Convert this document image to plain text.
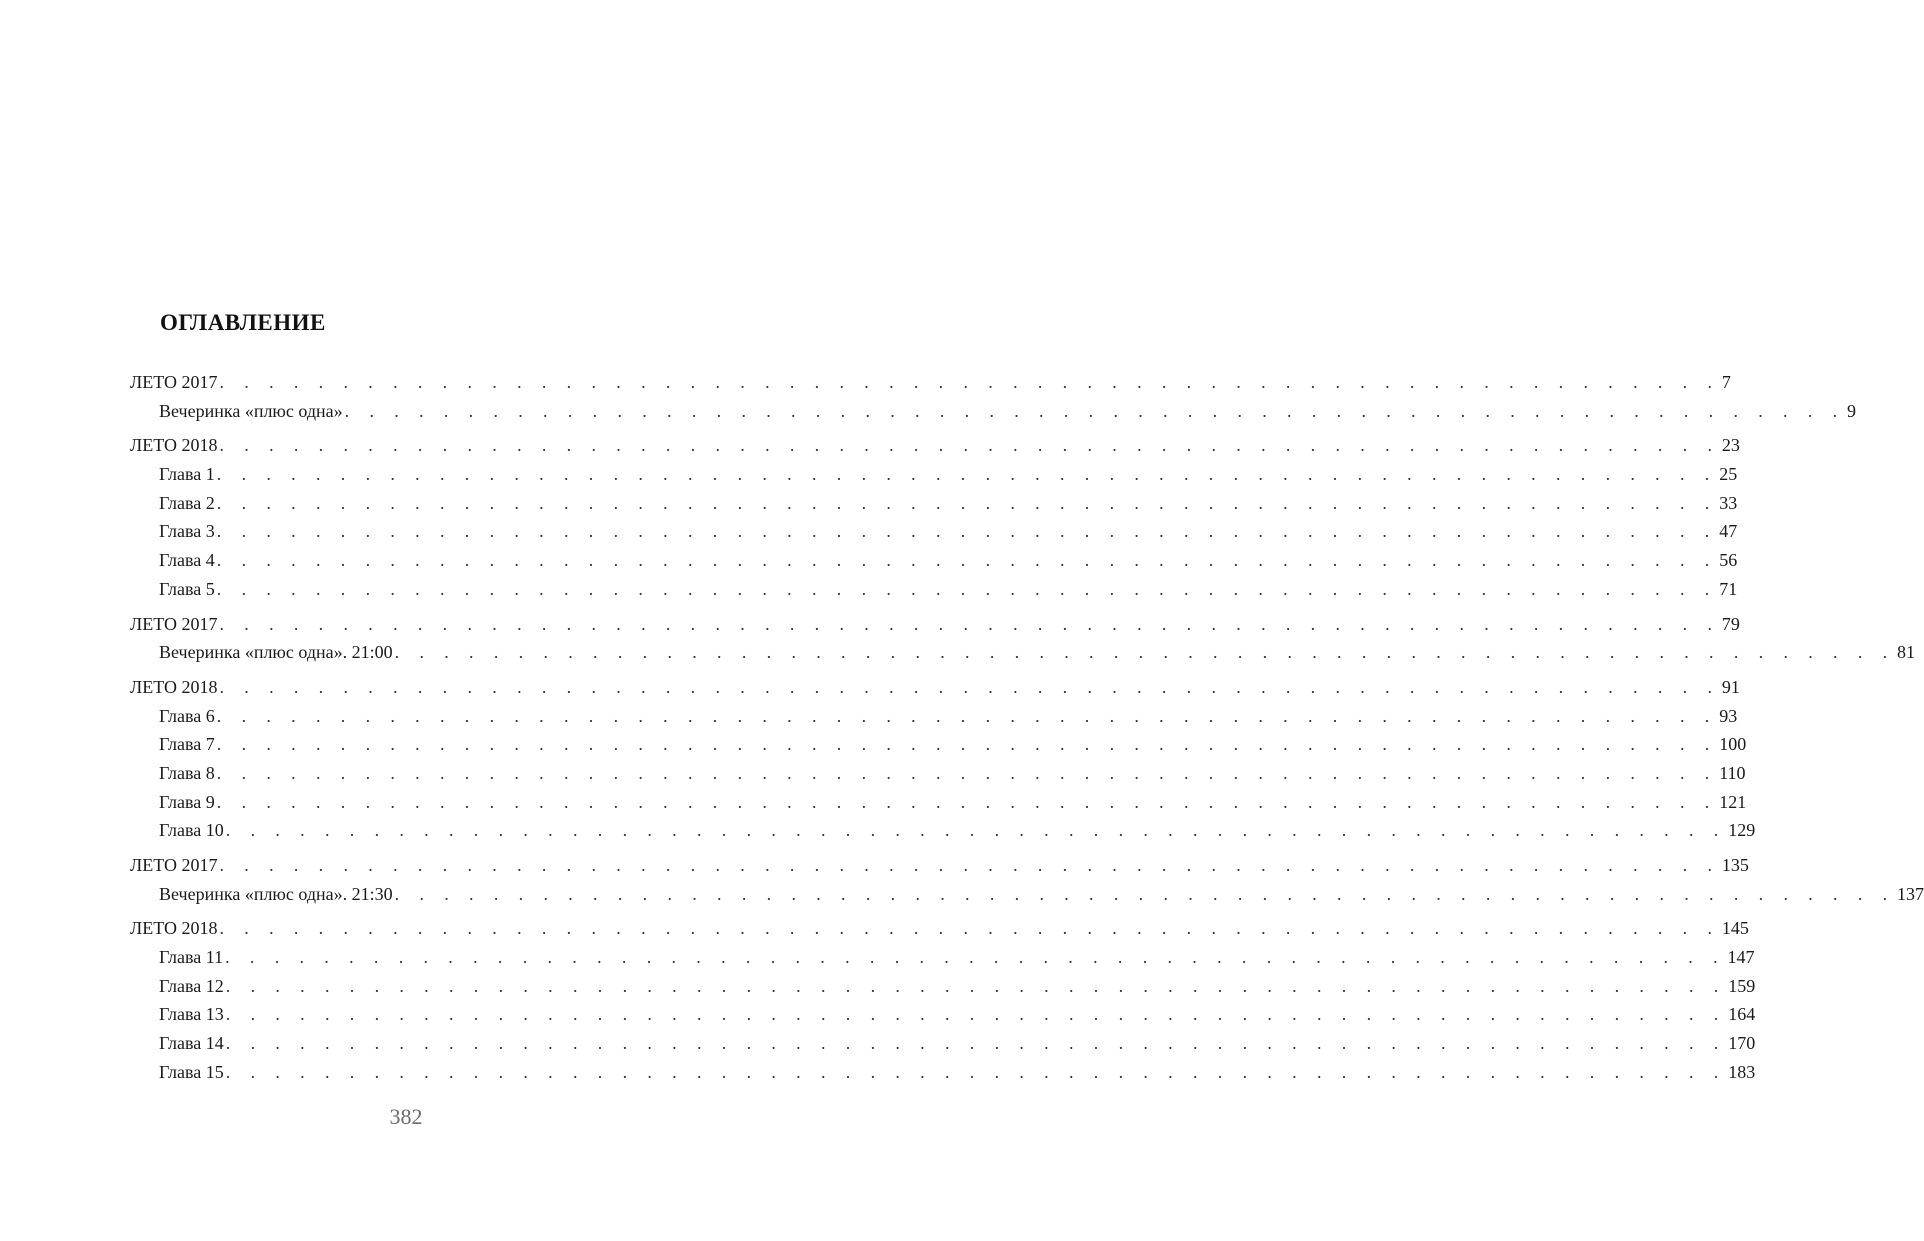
ОГЛАВЛЕНИЕ
ЛЕТО 2017 . . . . . . . . . . . . . . . . . . . . . . . . . . . . . . . . . . . . . . . . . . . . . . . . . . . . . . . . . . . . . 7
Вечеринка «плюс одна» . . . . . . . . . . . . . . . . . . . . . . . . . . . . . . . . . . . . . . . . . . . . . . . . . . . . . . . . . . . . . 9
ЛЕТО 2018 . . . . . . . . . . . . . . . . . . . . . . . . . . . . . . . . . . . . . . . . . . . . . . . . . . . . . . . . . . . . . 23
Глава 1 . . . . . . . . . . . . . . . . . . . . . . . . . . . . . . . . . . . . . . . . . . . . . . . . . . . . . . . . . . . . . 25
Глава 2 . . . . . . . . . . . . . . . . . . . . . . . . . . . . . . . . . . . . . . . . . . . . . . . . . . . . . . . . . . . . . 33
Глава 3 . . . . . . . . . . . . . . . . . . . . . . . . . . . . . . . . . . . . . . . . . . . . . . . . . . . . . . . . . . . . . 47
Глава 4 . . . . . . . . . . . . . . . . . . . . . . . . . . . . . . . . . . . . . . . . . . . . . . . . . . . . . . . . . . . . . 56
Глава 5 . . . . . . . . . . . . . . . . . . . . . . . . . . . . . . . . . . . . . . . . . . . . . . . . . . . . . . . . . . . . . 71
ЛЕТО 2017 . . . . . . . . . . . . . . . . . . . . . . . . . . . . . . . . . . . . . . . . . . . . . . . . . . . . . . . . . . . . . 79
Вечеринка «плюс одна». 21:00 . . . . . . . . . . . . . . . . . . . . . . . . . . . . . . . . . . . . . . . . . . . . . . . . . . . . . . . . . . . . . 81
ЛЕТО 2018 . . . . . . . . . . . . . . . . . . . . . . . . . . . . . . . . . . . . . . . . . . . . . . . . . . . . . . . . . . . . . 91
Глава 6 . . . . . . . . . . . . . . . . . . . . . . . . . . . . . . . . . . . . . . . . . . . . . . . . . . . . . . . . . . . . . 93
Глава 7 . . . . . . . . . . . . . . . . . . . . . . . . . . . . . . . . . . . . . . . . . . . . . . . . . . . . . . . . . . . . . 100
Глава 8 . . . . . . . . . . . . . . . . . . . . . . . . . . . . . . . . . . . . . . . . . . . . . . . . . . . . . . . . . . . . . 110
Глава 9 . . . . . . . . . . . . . . . . . . . . . . . . . . . . . . . . . . . . . . . . . . . . . . . . . . . . . . . . . . . . . 121
Глава 10 . . . . . . . . . . . . . . . . . . . . . . . . . . . . . . . . . . . . . . . . . . . . . . . . . . . . . . . . . . . . . 129
ЛЕТО 2017 . . . . . . . . . . . . . . . . . . . . . . . . . . . . . . . . . . . . . . . . . . . . . . . . . . . . . . . . . . . . . 135
Вечеринка «плюс одна». 21:30 . . . . . . . . . . . . . . . . . . . . . . . . . . . . . . . . . . . . . . . . . . . . . . . . . . . . . . . . . . . . . 137
ЛЕТО 2018 . . . . . . . . . . . . . . . . . . . . . . . . . . . . . . . . . . . . . . . . . . . . . . . . . . . . . . . . . . . . . 145
Глава 11 . . . . . . . . . . . . . . . . . . . . . . . . . . . . . . . . . . . . . . . . . . . . . . . . . . . . . . . . . . . . . 147
Глава 12 . . . . . . . . . . . . . . . . . . . . . . . . . . . . . . . . . . . . . . . . . . . . . . . . . . . . . . . . . . . . . 159
Глава 13 . . . . . . . . . . . . . . . . . . . . . . . . . . . . . . . . . . . . . . . . . . . . . . . . . . . . . . . . . . . . . 164
Глава 14 . . . . . . . . . . . . . . . . . . . . . . . . . . . . . . . . . . . . . . . . . . . . . . . . . . . . . . . . . . . . . 170
Глава 15 . . . . . . . . . . . . . . . . . . . . . . . . . . . . . . . . . . . . . . . . . . . . . . . . . . . . . . . . . . . . . 183
382
